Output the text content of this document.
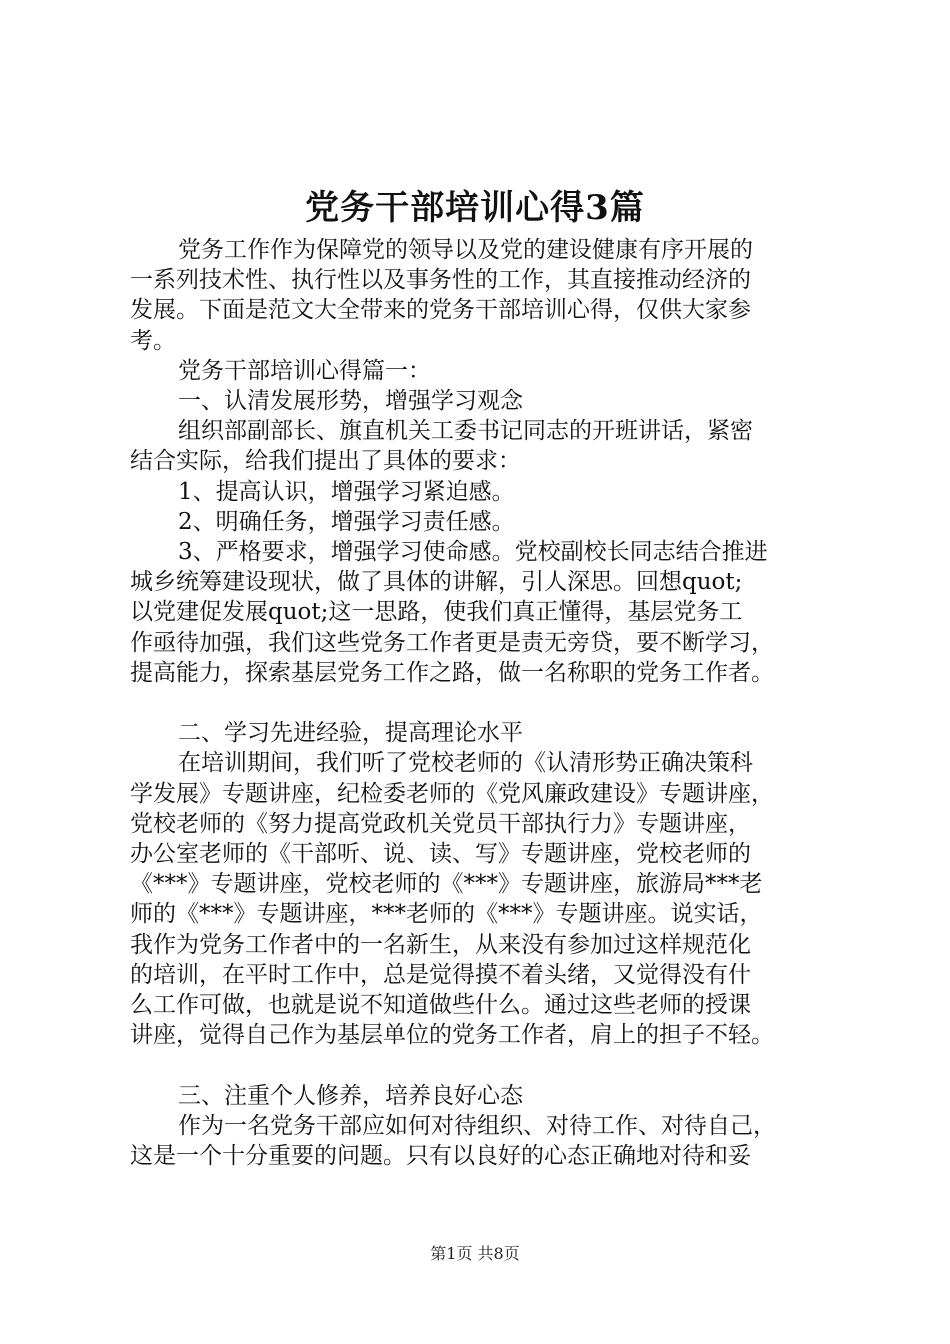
党务干部培训心得3篇

党务工作作为保障党的领导以及党的建设健康有序开展的

一系列技术性、执行性以及事务性的工作，其直接推动经济的

发展。下面是范文大全带来的党务干部培训心得，仅供大家参

考。

党务干部培训心得篇一：

一、认清发展形势，增强学习观念

组织部副部长、旗直机关工委书记同志的开班讲话，紧密

结合实际，给我们提出了具体的要求：

1、提高认识，增强学习紧迫感。

2、明确任务，增强学习责任感。

3、严格要求，增强学习使命感。党校副校长同志结合推进

城乡统筹建设现状，做了具体的讲解，引人深思。回想quot;

以党建促发展quot;这一思路，使我们真正懂得，基层党务工

作亟待加强，我们这些党务工作者更是责无旁贷，要不断学习，

提高能力，探索基层党务工作之路，做一名称职的党务工作者。

二、学习先进经验，提高理论水平

在培训期间，我们听了党校老师的《认清形势正确决策科

学发展》专题讲座，纪检委老师的《党风廉政建设》专题讲座，

党校老师的《努力提高党政机关党员干部执行力》专题讲座，

办公室老师的《干部听、说、读、写》专题讲座，党校老师的

《***》专题讲座，党校老师的《***》专题讲座，旅游局***老

师的《***》专题讲座，***老师的《***》专题讲座。说实话，

我作为党务工作者中的一名新生，从来没有参加过这样规范化

的培训，在平时工作中，总是觉得摸不着头绪，又觉得没有什

么工作可做，也就是说不知道做些什么。通过这些老师的授课

讲座，觉得自己作为基层单位的党务工作者，肩上的担子不轻。

三、注重个人修养，培养良好心态

作为一名党务干部应如何对待组织、对待工作、对待自己，

这是一个十分重要的问题。只有以良好的心态正确地对待和妥

第1页 共8页
